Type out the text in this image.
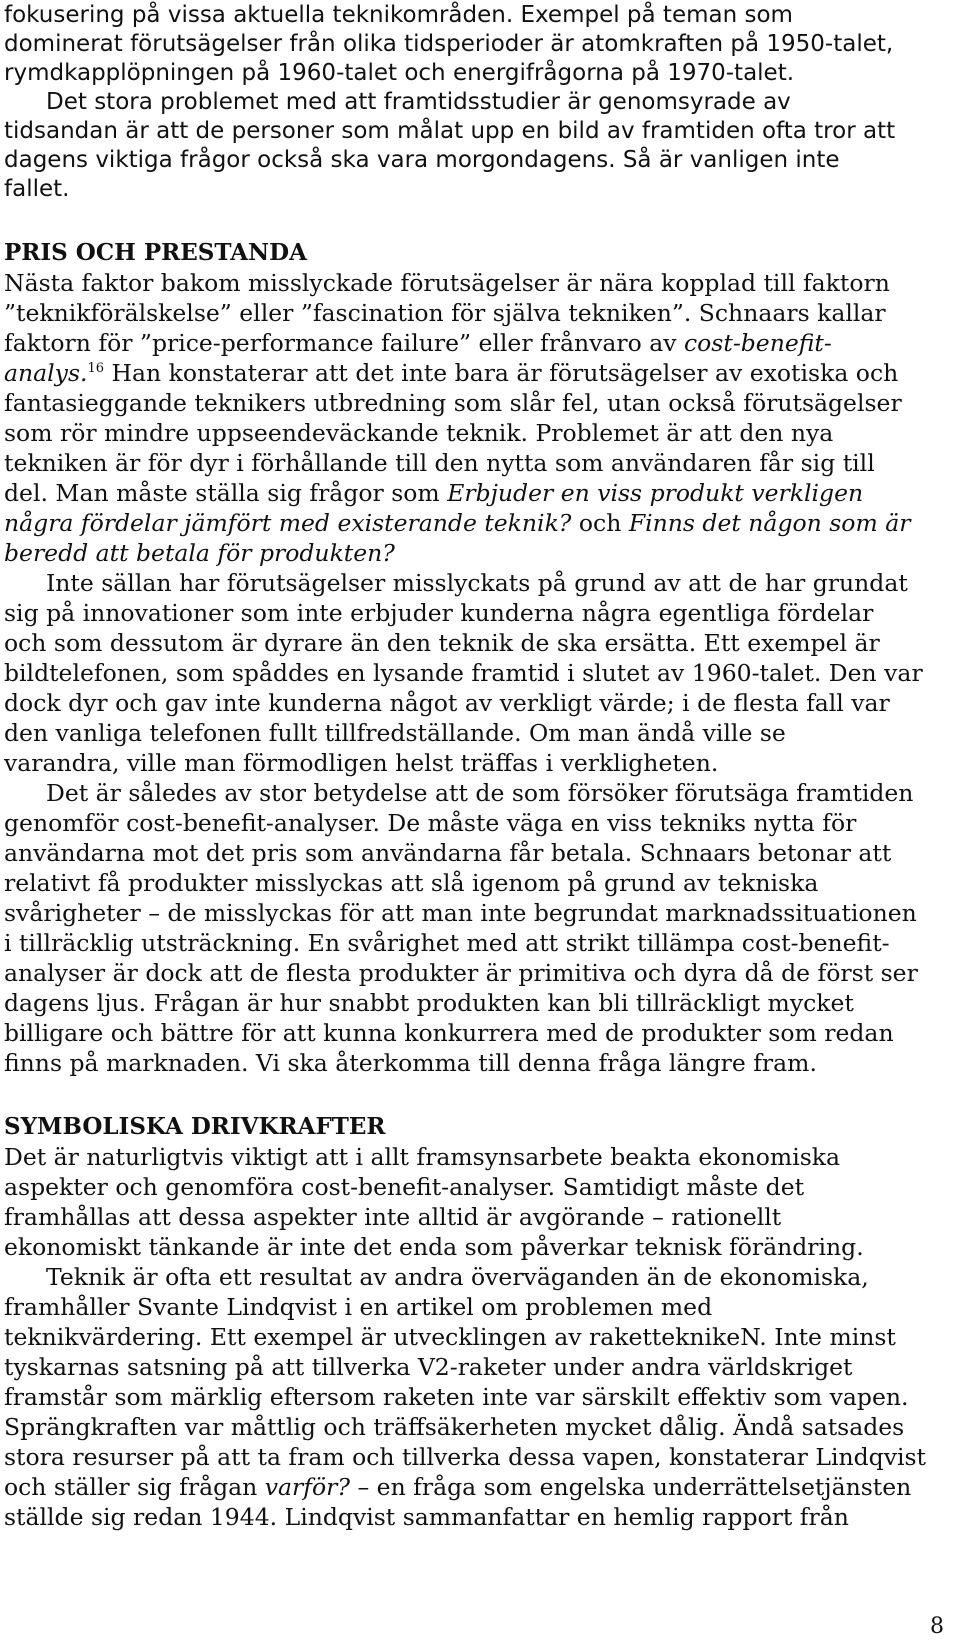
fokusering på vissa aktuella teknikområden. Exempel på teman som
dominerat förutsägelser från olika tidsperioder är atomkraften på 1950-talet,
rymdkapplöpningen på 1960-talet och energifrågorna på 1970-talet.
Det stora problemet med att framtidsstudier är genomsyrade av
tidsandan är att de personer som målat upp en bild av framtiden ofta tror att
dagens viktiga frågor också ska vara morgondagens. Så är vanligen inte
fallet.
PRIS OCH PRESTANDA
Nästa faktor bakom misslyckade förutsägelser är nära kopplad till faktorn
”teknikförälskelse” eller ”fascination för själva tekniken”. Schnaars kallar
faktorn för ”price-performance failure” eller frånvaro av cost-benefit-
analys.$^{16}$ Han konstaterar att det inte bara är förutsägelser av exotiska och
fantasieggande teknikers utbredning som slår fel, utan också förutsägelser
som rör mindre uppseendeväckande teknik. Problemet är att den nya
tekniken är för dyr i förhållande till den nytta som användaren får sig till
del. Man måste ställa sig frågor som Erbjuder en viss produkt verkligen
några fördelar jämfört med existerande teknik? och Finns det någon som är
beredd att betala för produkten?
Inte sällan har förutsägelser misslyckats på grund av att de har grundat
sig på innovationer som inte erbjuder kunderna några egentliga fördelar
och som dessutom är dyrare än den teknik de ska ersätta. Ett exempel är
bildtelefonen, som spåddes en lysande framtid i slutet av 1960-talet. Den var
dock dyr och gav inte kunderna något av verkligt värde; i de flesta fall var
den vanliga telefonen fullt tillfredställande. Om man ändå ville se
varandra, ville man förmodligen helst träffas i verkligheten.
Det är således av stor betydelse att de som försöker förutsäga framtiden
genomför cost-benefit-analyser. De måste väga en viss tekniks nytta för
användarna mot det pris som användarna får betala. Schnaars betonar att
relativt få produkter misslyckas att slå igenom på grund av tekniska
svårigheter – de misslyckas för att man inte begrundat marknadssituationen
i tillräcklig utsträckning. En svårighet med att strikt tillämpa cost-benefit-
analyser är dock att de flesta produkter är primitiva och dyra då de först ser
dagens ljus. Frågan är hur snabbt produkten kan bli tillräckligt mycket
billigare och bättre för att kunna konkurrera med de produkter som redan
finns på marknaden. Vi ska återkomma till denna fråga längre fram.
SYMBOLISKA DRIVKRAFTER
Det är naturligtvis viktigt att i allt framsynsarbete beakta ekonomiska
aspekter och genomföra cost-benefit-analyser. Samtidigt måste det
framhållas att dessa aspekter inte alltid är avgörande – rationellt
ekonomiskt tänkande är inte det enda som påverkar teknisk förändring.
Teknik är ofta ett resultat av andra överväganden än de ekonomiska,
framhåller Svante Lindqvist i en artikel om problemen med
teknikvärdering. Ett exempel är utvecklingen av raketteknikeN. Inte minst
tyskarnas satsning på att tillverka V2-raketer under andra världskriget
framstår som märklig eftersom raketen inte var särskilt effektiv som vapen.
Sprängkraften var måttlig och träffsäkerheten mycket dålig. Ändå satsades
stora resurser på att ta fram och tillverka dessa vapen, konstaterar Lindqvist
och ställer sig frågan varför? – en fråga som engelska underrättelsetjänsten
ställde sig redan 1944. Lindqvist sammanfattar en hemlig rapport från
8
